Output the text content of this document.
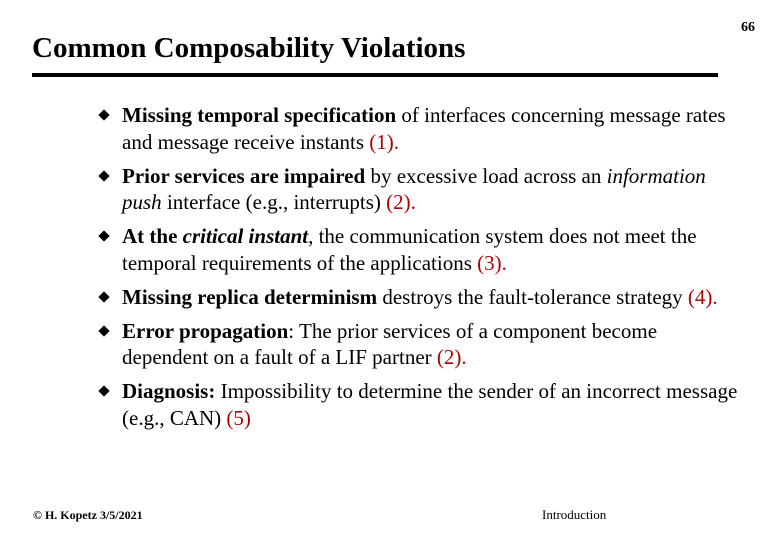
66
Common Composability Violations
Missing temporal specification of interfaces concerning message rates and message receive instants (1).
Prior services are impaired by excessive load across an information push interface (e.g., interrupts) (2).
At the critical instant, the communication system does not meet the temporal requirements of the applications (3).
Missing replica determinism destroys the fault-tolerance strategy (4).
Error propagation: The prior services of a component become dependent on a fault of a LIF partner (2).
Diagnosis: Impossibility to determine the sender of an incorrect message (e.g., CAN) (5)
© H. Kopetz 3/5/2021	Introduction
